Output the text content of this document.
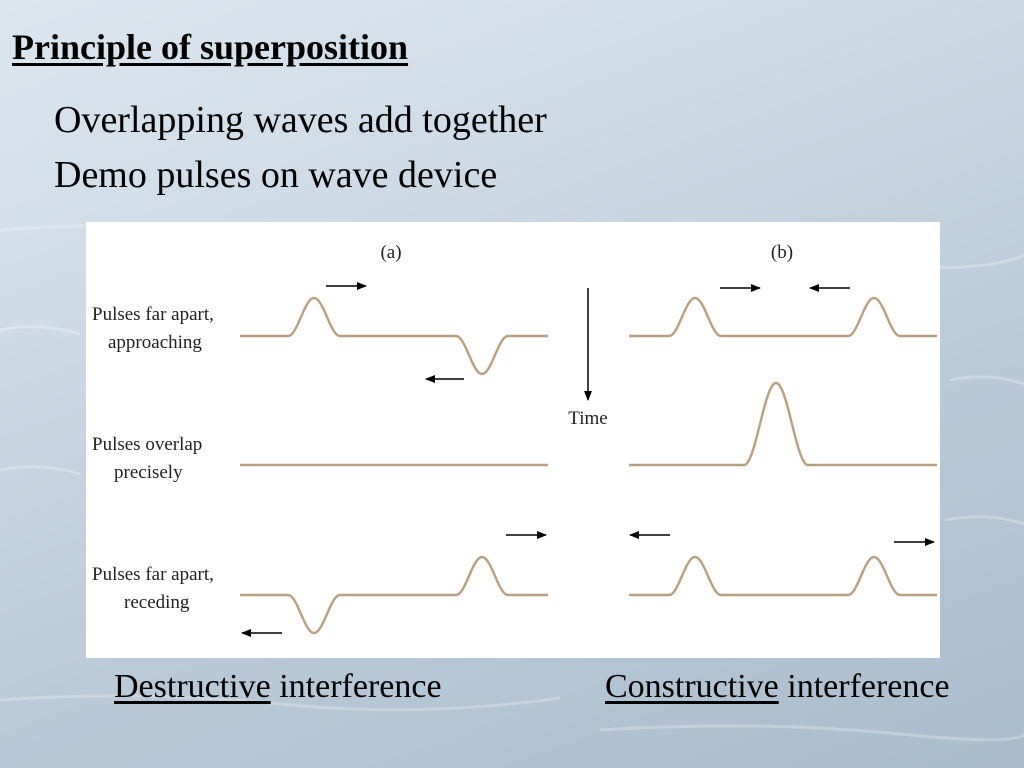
Principle of superposition
Overlapping waves add together
Demo pulses on wave device
(a)	(b)
Pulses far apart,
approaching
Pulses overlap
precisely
Pulses far apart,
receding
Time
Destructive interference	Constructive interference
